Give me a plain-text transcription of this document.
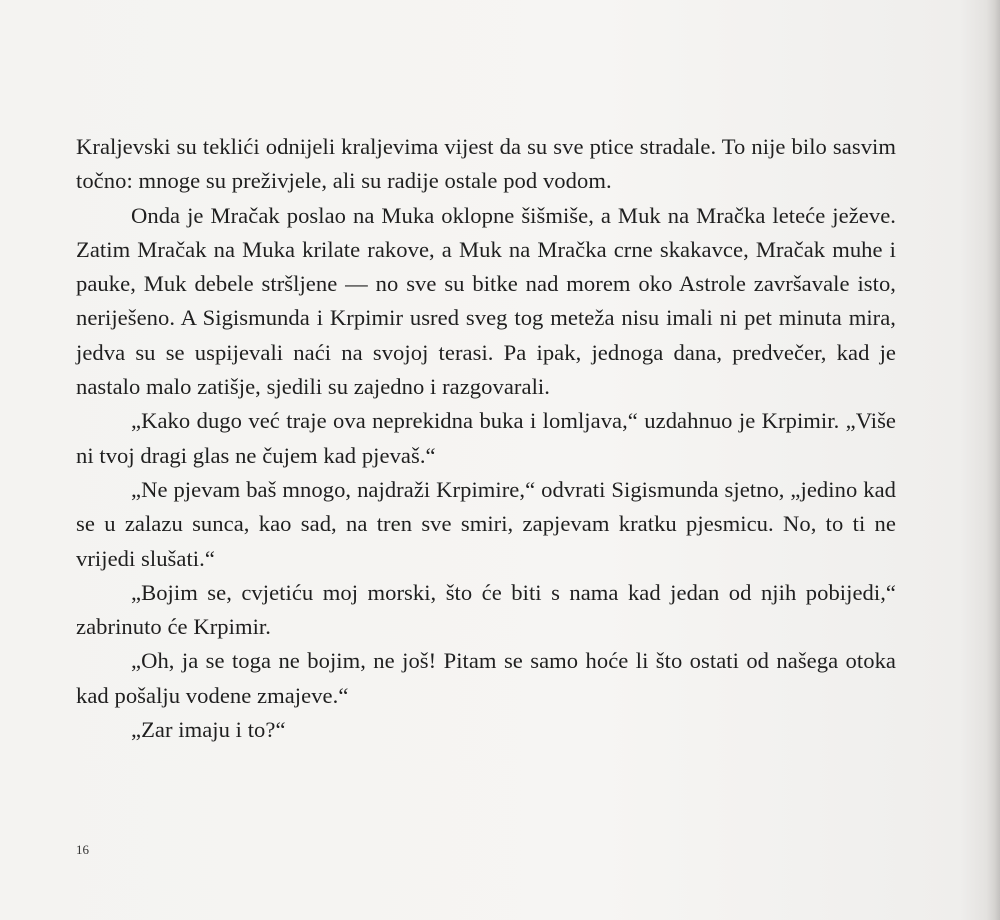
Kraljevski su teklići odnijeli kraljevima vijest da su sve ptice stradale. To nije bilo sasvim točno: mnoge su preživjele, ali su radije ostale pod vodom.

Onda je Mračak poslao na Muka oklopne šišmiše, a Muk na Mračka leteće ježeve. Zatim Mračak na Muka krilate rakove, a Muk na Mračka crne skakavce, Mračak muhe i pauke, Muk debele stršljene — no sve su bitke nad morem oko Astrole završavale isto, neriješeno. A Sigismunda i Krpimir usred sveg tog meteža nisu imali ni pet minuta mira, jedva su se uspijevali naći na svojoj terasi. Pa ipak, jednoga dana, predvečer, kad je nastalo malo zatišje, sjedili su zajedno i razgovarali.

„Kako dugo već traje ova neprekidna buka i lomljava,“ uzdahnuo je Krpimir. „Više ni tvoj dragi glas ne čujem kad pjevaš.“

„Ne pjevam baš mnogo, najdraži Krpimire,“ odvrati Sigismunda sjetno, „jedino kad se u zalazu sunca, kao sad, na tren sve smiri, zapjevam kratku pjesmicu. No, to ti ne vrijedi slušati.“

„Bojim se, cvjetiću moj morski, što će biti s nama kad jedan od njih pobijedi,“ zabrinuto će Krpimir.

„Oh, ja se toga ne bojim, ne još! Pitam se samo hoće li što ostati od našega otoka kad pošalju vodene zmajeve.“

„Zar imaju i to?“

16
